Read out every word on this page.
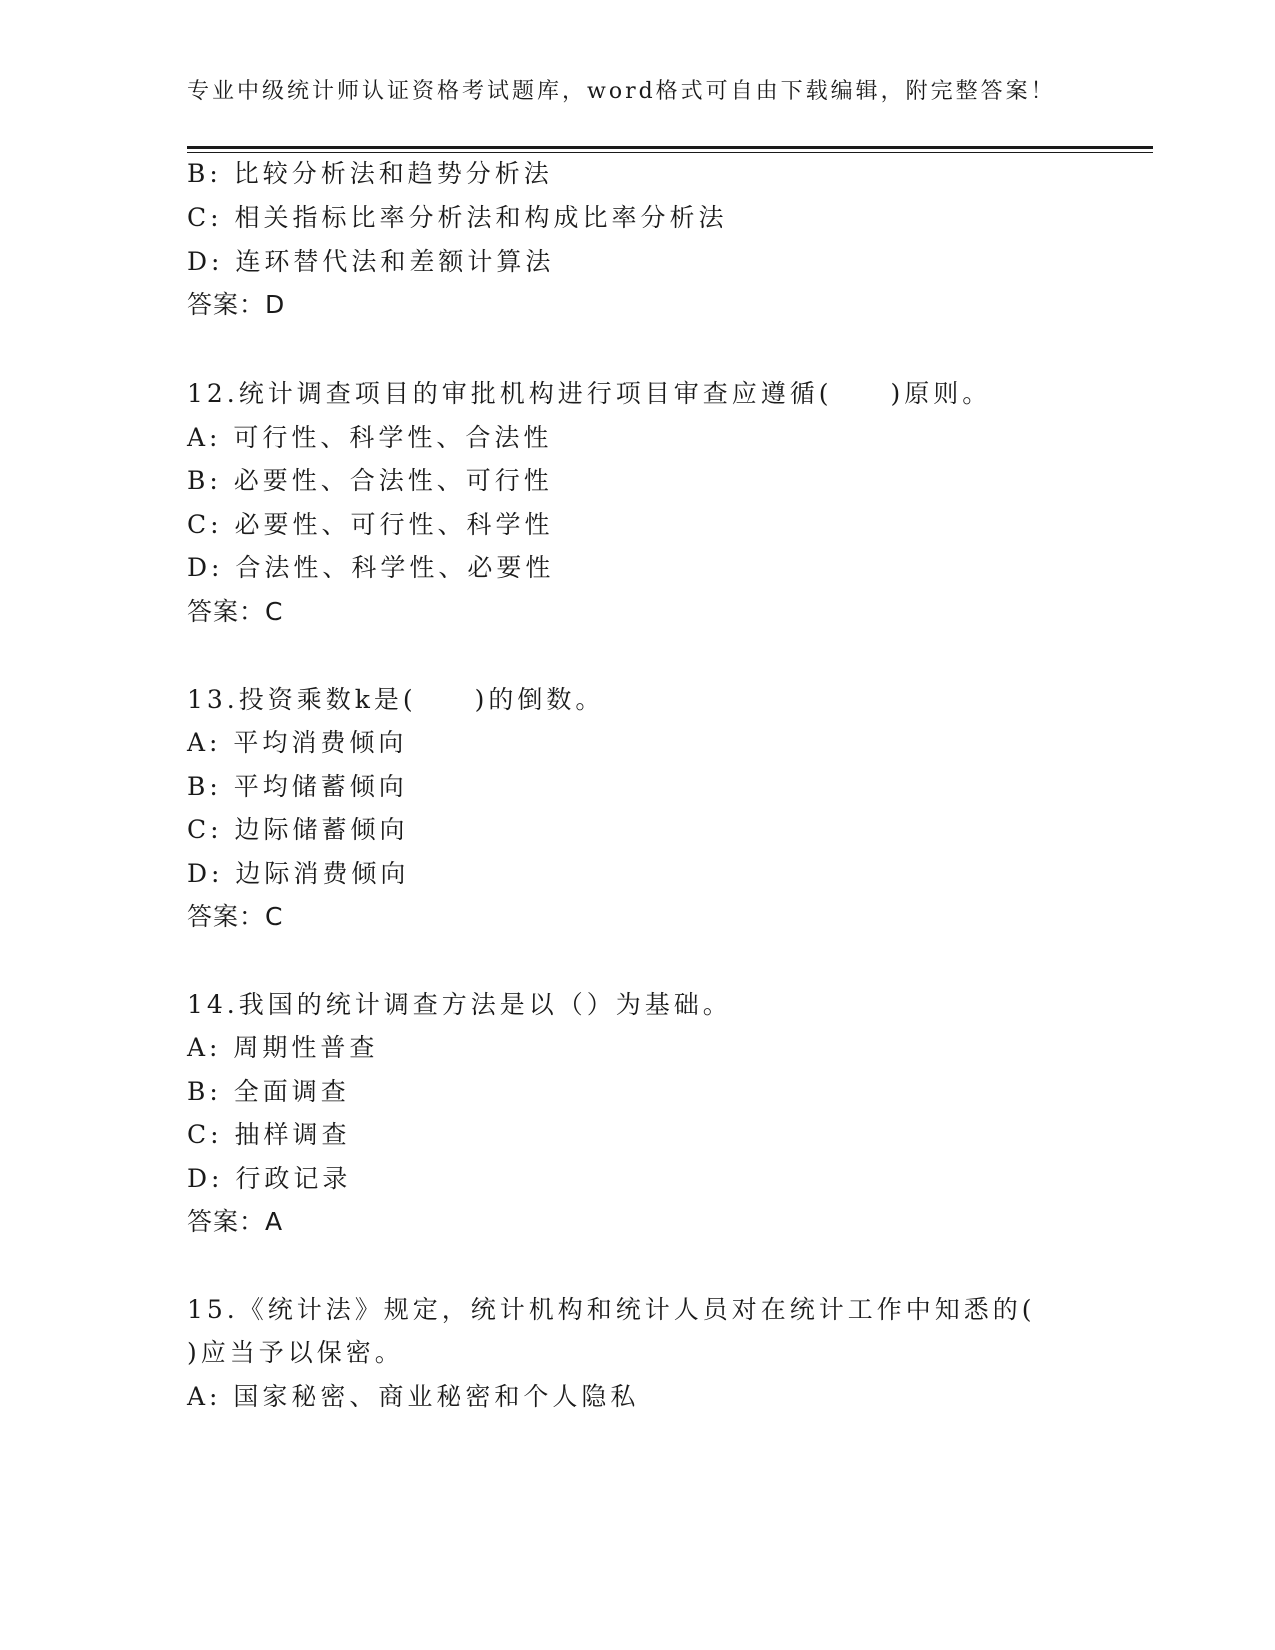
专业中级统计师认证资格考试题库，word格式可自由下载编辑，附完整答案！
B: 比较分析法和趋势分析法
C: 相关指标比率分析法和构成比率分析法
D: 连环替代法和差额计算法
答案：D
12.统计调查项目的审批机构进行项目审查应遵循(　　)原则。
A: 可行性、科学性、合法性
B: 必要性、合法性、可行性
C: 必要性、可行性、科学性
D: 合法性、科学性、必要性
答案：C
13.投资乘数k是(　　)的倒数。
A: 平均消费倾向
B: 平均储蓄倾向
C: 边际储蓄倾向
D: 边际消费倾向
答案：C
14.我国的统计调查方法是以（）为基础。
A: 周期性普查
B: 全面调查
C: 抽样调查
D: 行政记录
答案：A
15.《统计法》规定，统计机构和统计人员对在统计工作中知悉的(
)应当予以保密。
A: 国家秘密、商业秘密和个人隐私
